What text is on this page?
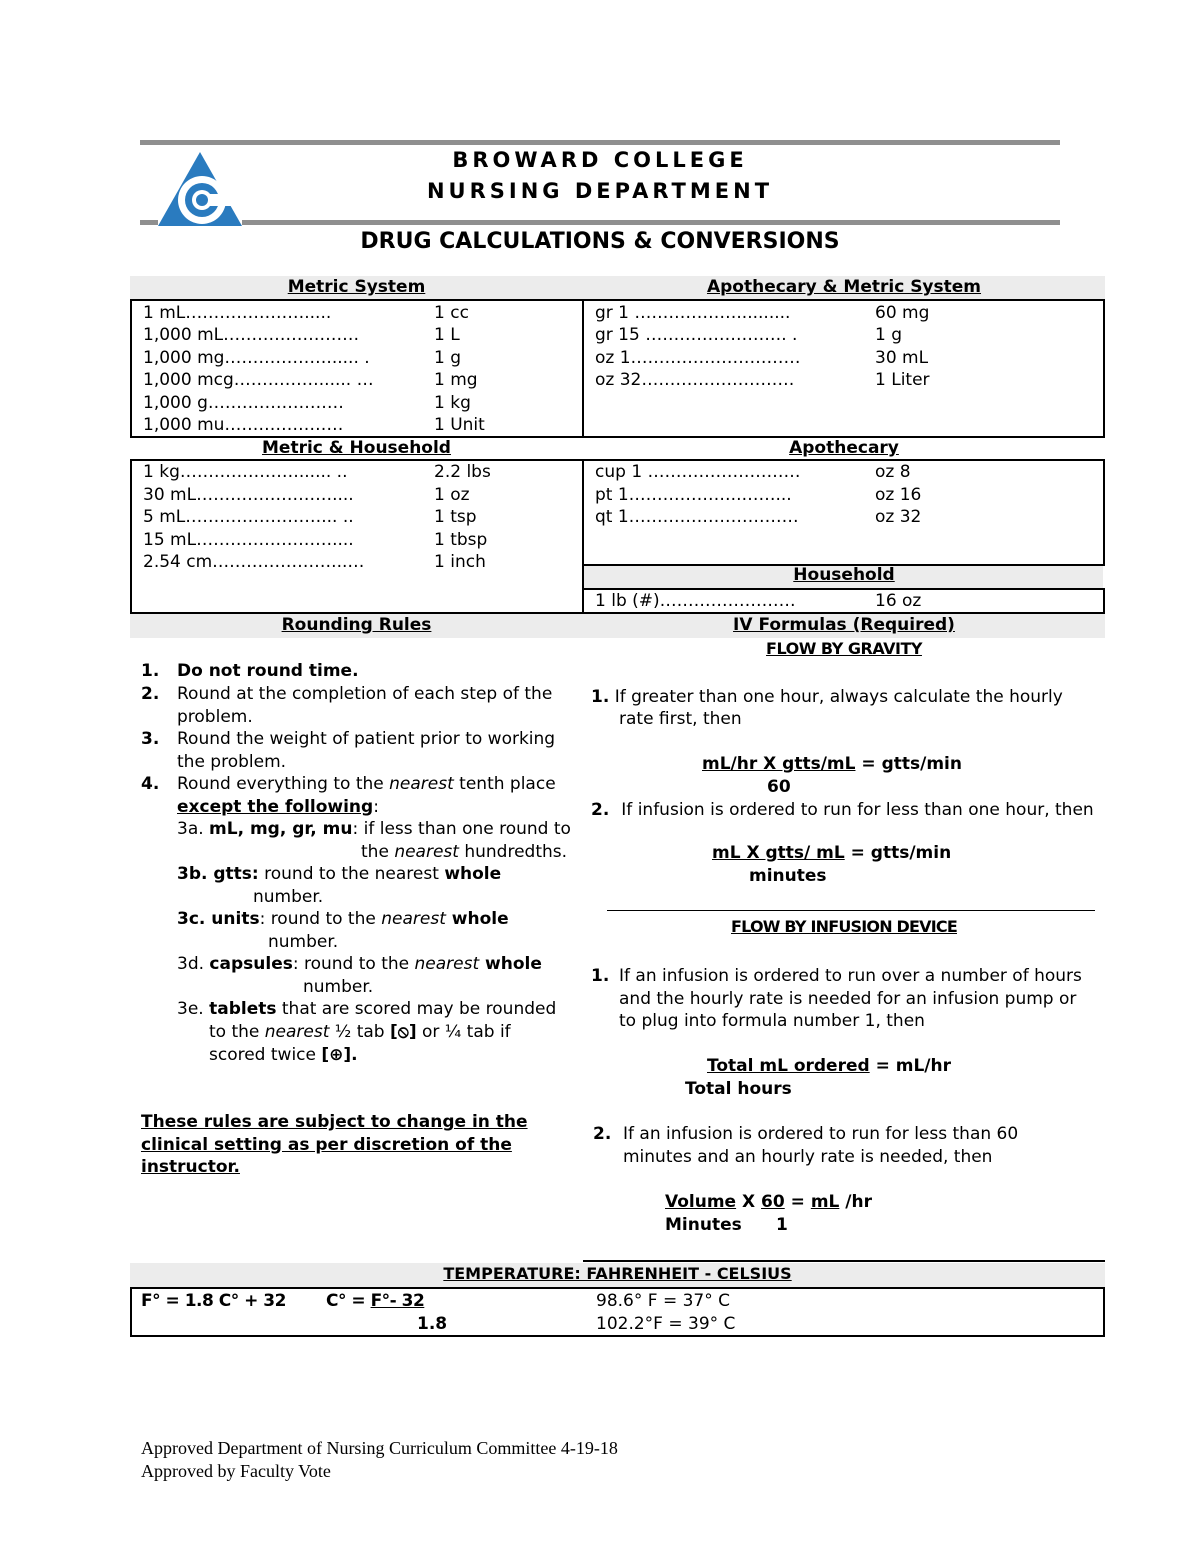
BROWARD COLLEGE
NURSING DEPARTMENT
DRUG CALCULATIONS & CONVERSIONS
Metric System	Apothecary & Metric System
1 mL………………….....	1 cc
1,000 mL……………………	1 L
1,000 mg………………...... .	1 g
1,000 mcg……………...... …	1 mg
1,000 g……………………	1 kg
1,000 mu…………………	1 Unit
gr 1 ………………..........	60 mg
gr 15 ……………………. .	1 g
oz 1…………………………	30 mL
oz 32………………………	1 Liter
Metric & Household	Apothecary
1 kg…………………...... ..	2.2 lbs
30 mL……………………....	1 oz
5 mL……………………... ..	1 tsp
15 mL……………………....	1 tbsp
2.54 cm…………………...…	1 inch
cup 1 ………………………	oz 8
pt 1………………..……...	oz 16
qt 1…………………………	oz 32
Household
1 lb (#)……………………	16 oz
Rounding Rules	IV Formulas (Required)
FLOW BY GRAVITY
1. Do not round time.
2. Round at the completion of each step of the
problem.
3. Round the weight of patient prior to working
the problem.
4. Round everything to the nearest tenth place
except the following:
3a. mL, mg, gr, mu: if less than one round to
the nearest hundredths.
3b. gtts: round to the nearest whole
number.
3c. units: round to the nearest whole
number.
3d. capsules: round to the nearest whole
number.
3e. tablets that are scored may be rounded
to the nearest ½ tab [⦸] or ¼ tab if
scored twice [⊕].
These rules are subject to change in the
clinical setting as per discretion of the
instructor.
1. If greater than one hour, always calculate the hourly
rate first, then
mL/hr X gtts/mL = gtts/min
60
2. If infusion is ordered to run for less than one hour, then
mL X gtts/ mL = gtts/min
minutes
FLOW BY INFUSION DEVICE
1. If an infusion is ordered to run over a number of hours
and the hourly rate is needed for an infusion pump or
to plug into formula number 1, then
Total mL ordered = mL/hr
Total hours
2. If an infusion is ordered to run for less than 60
minutes and an hourly rate is needed, then
Volume X 60 = mL /hr
Minutes 1
TEMPERATURE: FAHRENHEIT - CELSIUS
F° = 1.8 C° + 32 C° = F°- 32
1.8
98.6° F = 37° C
102.2°F = 39° C
Approved Department of Nursing Curriculum Committee 4-19-18
Approved by Faculty Vote
